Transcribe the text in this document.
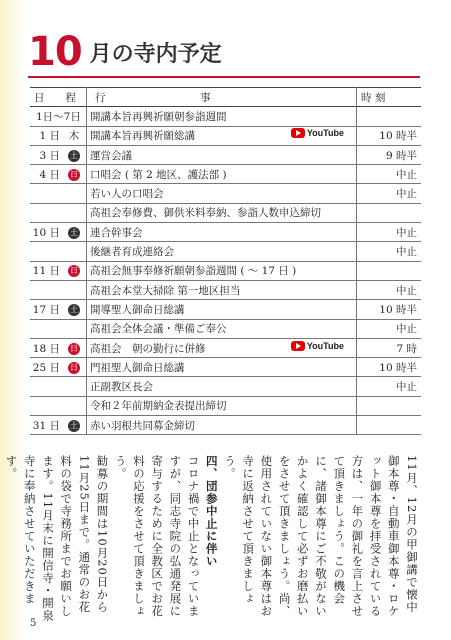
10 月の寺内予定
日　　程		行　　　　　　　　　事	時 刻
1日～7日		開講本旨再興祈願朝参詣週間	
1 日	木	開講本旨再興祈願総講 YouTube	10 時半
3 日	土	運営会議	9 時半
4 日	日	口唱会 ( 第 2 地区、護法部 )	中止
		若い人の口唱会	中止
		高祖会奉修費、御供米料奉納、参詣人数申込締切	
10 日	土	連合幹事会	中止
		後継者育成連絡会	中止
11 日	日	高祖会無事奉修祈願朝参詣週間 ( ～ 17 日 )	
		高祖会本堂大掃除 第一地区担当	中止
17 日	土	開導聖人御命日総講	10 時半
		高祖会全体会議・準備ご奉公	中止
18 日	日	高祖会　朝の勤行に併修 YouTube	7 時
25 日	日	門祖聖人御命日総講	10 時半
		正副教区長会	中止
		令和２年前期納金表提出締切	
31 日	土	赤い羽根共同募金締切	
11月、12月の甲御講で懐中御本尊・自動車御本尊・ロケット御本尊を拝受されている方は、一年の御礼を言上させて頂きましょう。この機会に、諸御本尊にご不敬がないかよく確認して必ずお磨払いをさせて頂きましょう。尚、使用されていない御本尊はお寺に返納させて頂きましょう。
四、団参中止に伴い
コロナ禍で中止となっていますが、同志寺院の弘通発展に寄与するために全教区でお花料の応援をさせて頂きましょう。
勧募の期間は10月20日から11月25日まで。通常のお花料の袋で寺務所までお願いします。11月末に開信寺・開泉寺に奉納させていただきます。
5
